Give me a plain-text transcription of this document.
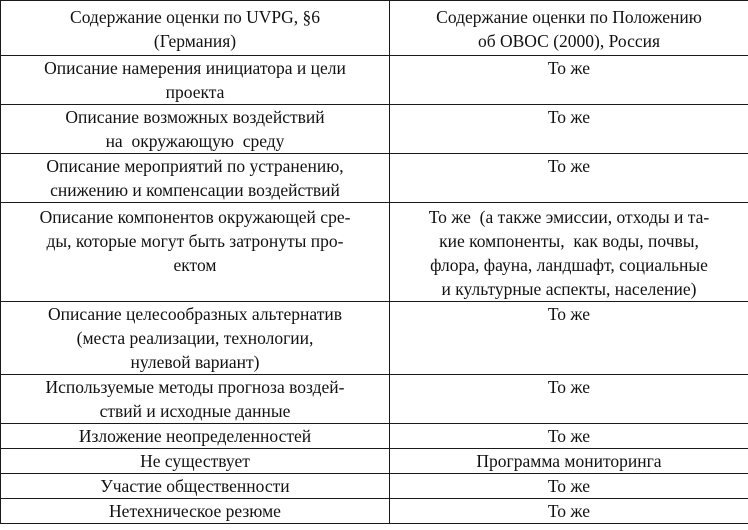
Содержание оценки по UVPG, §6
(Германия)	Содержание оценки по Положению
об ОВОС (2000), Россия

Описание намерения инициатора и цели
проекта	То же

Описание возможных воздействий
на  окружающую  среду	То же

Описание мероприятий по устранению,
снижению и компенсации воздействий	То же

Описание компонентов окружающей сре-
ды, которые могут быть затронуты про-
ектом	То же  (а также эмиссии, отходы и та-
кие компоненты,  как воды, почвы,
флора, фауна, ландшафт, социальные
и культурные аспекты, население)

Описание целесообразных альтернатив
(места реализации, технологии,
нулевой вариант)	То же

Используемые методы прогноза воздей-
ствий и исходные данные	То же

Изложение неопределенностей	То же

Не существует	Программа мониторинга

Участие общественности	То же

Нетехническое резюме	То же
